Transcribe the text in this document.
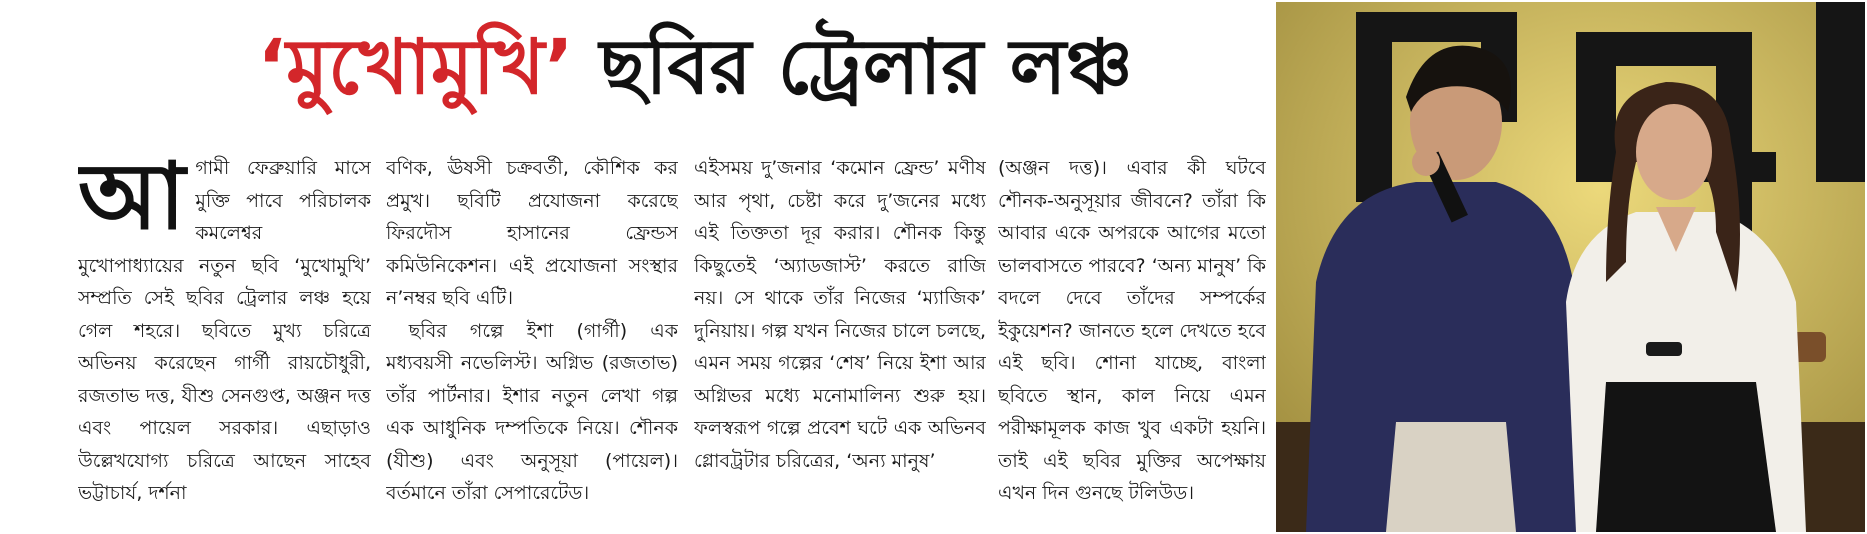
‘মুখোমুখি’ ছবির ট্রেলার লঞ্চ
আ গামী ফেব্রুয়ারি মাসে মুক্তি পাবে পরিচালক কমলেশ্বর মুখোপাধ্যায়ের নতুন ছবি ‘মুখোমুখি’ সম্প্রতি সেই ছবির ট্রেলার লঞ্চ হয়ে গেল শহরে। ছবিতে মুখ্য চরিত্রে অভিনয় করেছেন গার্গী রায়চৌধুরী, রজতাভ দত্ত, যীশু সেনগুপ্ত, অঞ্জন দত্ত এবং পায়েল সরকার। এছাড়াও উল্লেখযোগ্য চরিত্রে আছেন সাহেব ভট্টাচার্য, দর্শনা

বণিক, ঊষসী চক্রবর্তী, কৌশিক কর প্রমুখ। ছবিটি প্রযোজনা করেছে ফিরদৌস হাসানের ফ্রেন্ডস কমিউনিকেশন। এই প্রযোজনা সংস্থার ন’নম্বর ছবি এটি।

ছবির গল্পে ইশা (গার্গী) এক মধ্যবয়সী নভেলিস্ট। অগ্নিভ (রজতাভ) তাঁর পার্টনার। ইশার নতুন লেখা গল্প এক আধুনিক দম্পতিকে নিয়ে। শৌনক (যীশু) এবং অনুসূয়া (পায়েল)। বর্তমানে তাঁরা সেপারেটেড।

এইসময় দু’জনার ‘কমোন ফ্রেন্ড’ মণীষ আর পৃথা, চেষ্টা করে দু’জনের মধ্যে এই তিক্ততা দূর করার। শৌনক কিন্তু কিছুতেই ‘অ্যাডজাস্ট’ করতে রাজি নয়। সে থাকে তাঁর নিজের ‘ম্যাজিক’ দুনিয়ায়। গল্প যখন নিজের চালে চলছে, এমন সময় গল্পের ‘শেষ’ নিয়ে ইশা আর অগ্নিভর মধ্যে মনোমালিন্য শুরু হয়। ফলস্বরূপ গল্পে প্রবেশ ঘটে এক অভিনব গ্লোবট্রটার চরিত্রের, ‘অন্য মানুষ’

(অঞ্জন দত্ত)। এবার কী ঘটবে শৌনক-অনুসূয়ার জীবনে? তাঁরা কি আবার একে অপরকে আগের মতো ভালবাসতে পারবে? ‘অন্য মানুষ’ কি বদলে দেবে তাঁদের সম্পর্কের ইকুয়েশন? জানতে হলে দেখতে হবে এই ছবি। শোনা যাচ্ছে, বাংলা ছবিতে স্থান, কাল নিয়ে এমন পরীক্ষামূলক কাজ খুব একটা হয়নি। তাই এই ছবির মুক্তির অপেক্ষায় এখন দিন গুনছে টলিউড।
